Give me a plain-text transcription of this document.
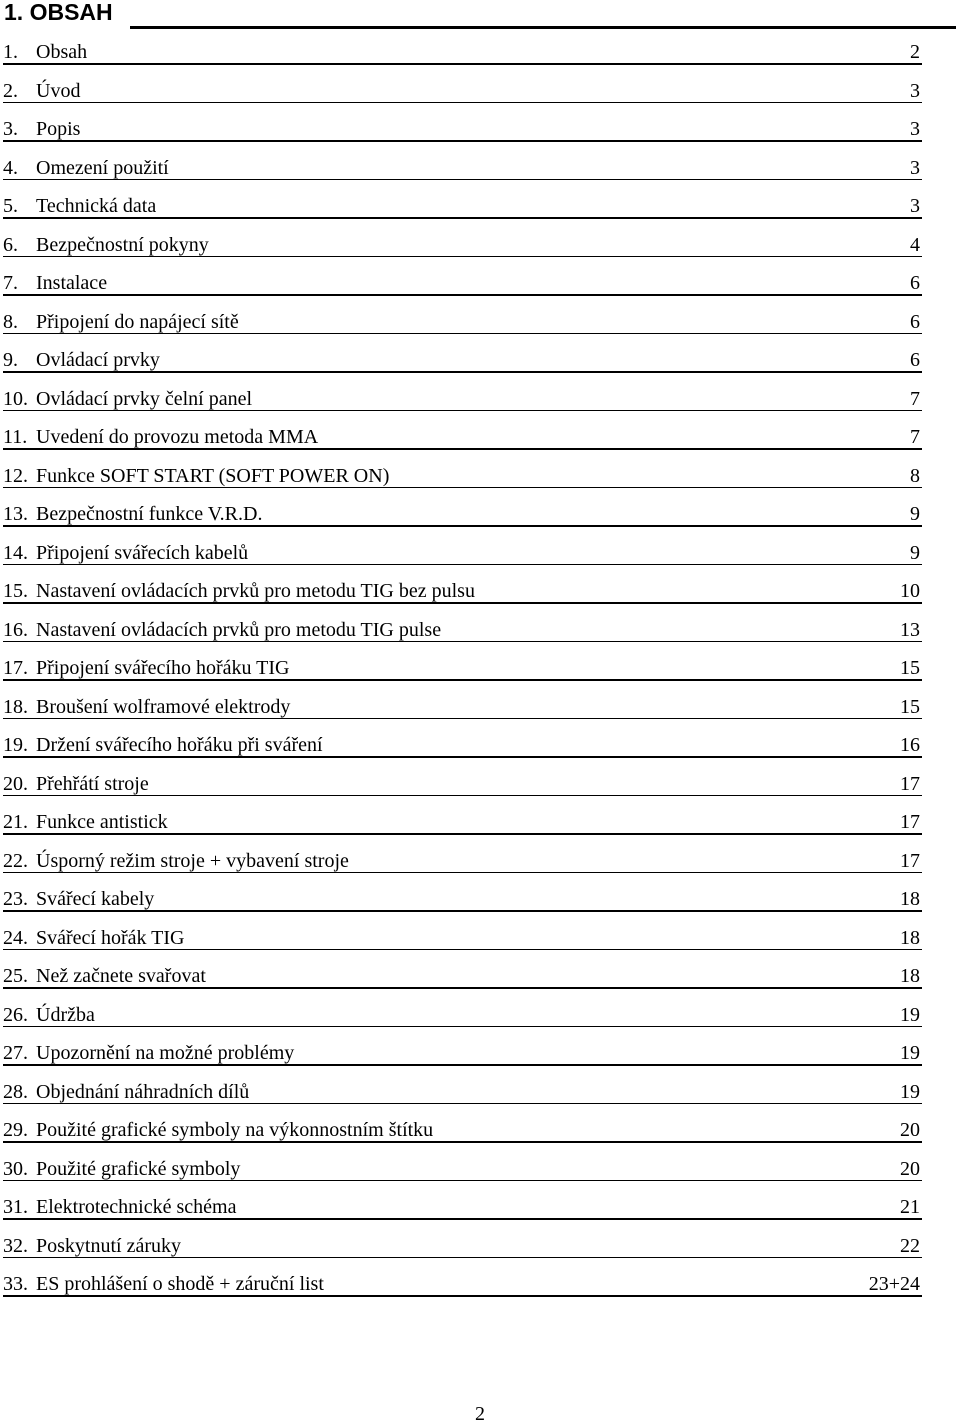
1. OBSAH
1. Obsah	2
2. Úvod	3
3. Popis	3
4. Omezení použití	3
5. Technická data	3
6. Bezpečnostní pokyny	4
7. Instalace	6
8. Připojení do napájecí sítě	6
9. Ovládací prvky	6
10. Ovládací prvky čelní panel	7
11. Uvedení do provozu metoda MMA	7
12. Funkce SOFT START (SOFT POWER ON)	8
13. Bezpečnostní funkce V.R.D.	9
14. Připojení svářecích kabelů	9
15. Nastavení ovládacích prvků pro metodu TIG bez pulsu	10
16. Nastavení ovládacích prvků pro metodu TIG pulse	13
17. Připojení svářecího hořáku TIG	15
18. Broušení wolframové elektrody	15
19. Držení svářecího hořáku při sváření	16
20. Přehřátí stroje	17
21. Funkce antistick	17
22. Úsporný režim stroje + vybavení stroje	17
23. Svářecí kabely	18
24. Svářecí hořák TIG	18
25. Než začnete svařovat	18
26. Údržba	19
27. Upozornění na možné problémy	19
28. Objednání náhradních dílů	19
29. Použité grafické symboly na výkonnostním štítku	20
30. Použité grafické symboly	20
31. Elektrotechnické schéma	21
32. Poskytnutí záruky	22
33. ES prohlášení o shodě + záruční list	23+24
2
